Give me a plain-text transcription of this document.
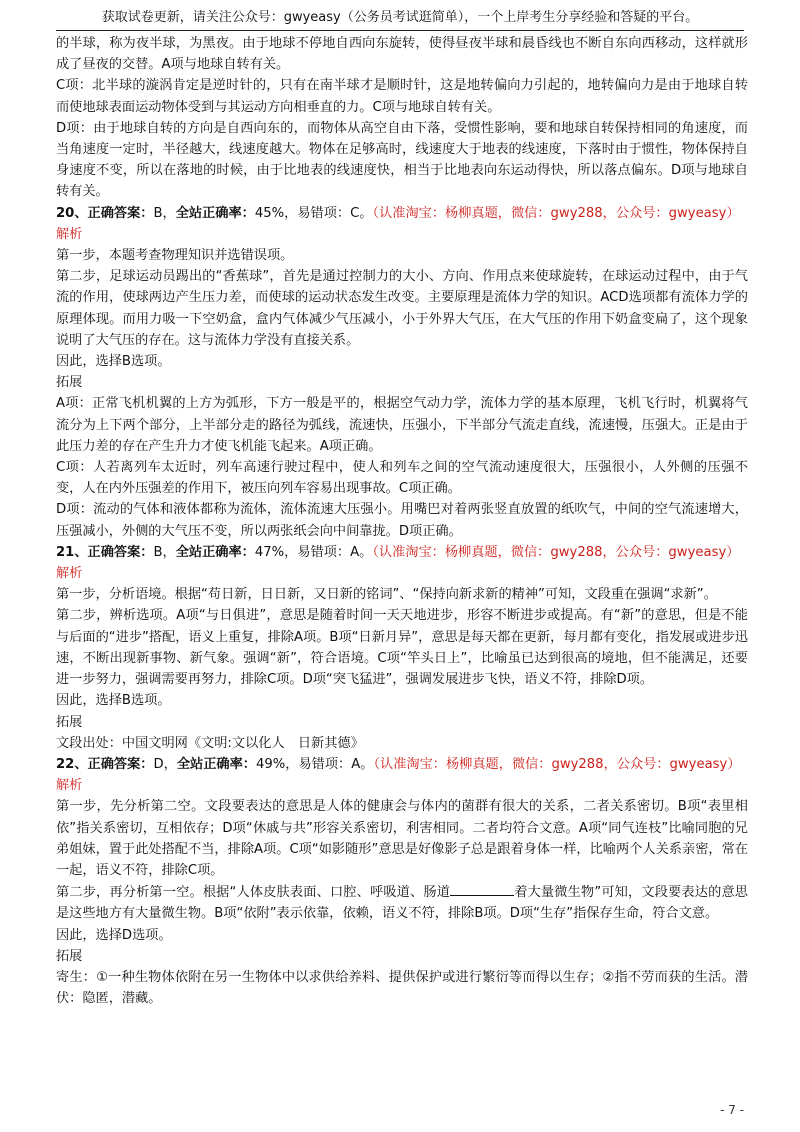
获取试卷更新，请关注公众号：gwyeasy（公务员考试逛简单），一个上岸考生分享经验和答疑的平台。

的半球，称为夜半球，为黑夜。由于地球不停地自西向东旋转，使得昼夜半球和晨昏线也不断自东向西移动，这样就形成了昼夜的交替。A项与地球自转有关。

C项：北半球的漩涡肯定是逆时针的，只有在南半球才是顺时针，这是地转偏向力引起的，地转偏向力是由于地球自转而使地球表面运动物体受到与其运动方向相垂直的力。C项与地球自转有关。

D项：由于地球自转的方向是自西向东的，而物体从高空自由下落，受惯性影响，要和地球自转保持相同的角速度，而当角速度一定时，半径越大，线速度越大。物体在足够高时，线速度大于地表的线速度，下落时由于惯性，物体保持自身速度不变，所以在落地的时候，由于比地表的线速度快，相当于比地表向东运动得快，所以落点偏东。D项与地球自转有关。

20、正确答案：B，全站正确率：45%，易错项：C。（认准淘宝：杨柳真题，微信：gwy288，公众号：gwyeasy）

解析

第一步，本题考查物理知识并选错误项。

第二步，足球运动员踢出的“香蕉球”，首先是通过控制力的大小、方向、作用点来使球旋转，在球运动过程中，由于气流的作用，使球两边产生压力差，而使球的运动状态发生改变。主要原理是流体力学的知识。ACD选项都有流体力学的原理体现。而用力吸一下空奶盒，盒内气体减少气压减小，小于外界大气压，在大气压的作用下奶盒变扁了，这个现象说明了大气压的存在。这与流体力学没有直接关系。

因此，选择B选项。

拓展

A项：正常飞机机翼的上方为弧形，下方一般是平的，根据空气动力学，流体力学的基本原理，飞机飞行时，机翼将气流分为上下两个部分，上半部分走的路径为弧线，流速快，压强小，下半部分气流走直线，流速慢，压强大。正是由于此压力差的存在产生升力才使飞机能飞起来。A项正确。

C项：人若离列车太近时，列车高速行驶过程中，使人和列车之间的空气流动速度很大，压强很小，人外侧的压强不变，人在内外压强差的作用下，被压向列车容易出现事故。C项正确。

D项：流动的气体和液体都称为流体，流体流速大压强小。用嘴巴对着两张竖直放置的纸吹气，中间的空气流速增大，压强减小，外侧的大气压不变，所以两张纸会向中间靠拢。D项正确。

21、正确答案：B，全站正确率：47%，易错项：A。（认准淘宝：杨柳真题，微信：gwy288，公众号：gwyeasy）

解析

第一步，分析语境。根据“苟日新，日日新，又日新的铭词”、“保持向新求新的精神”可知，文段重在强调“求新”。

第二步，辨析选项。A项“与日俱进”，意思是随着时间一天天地进步，形容不断进步或提高。有“新”的意思，但是不能与后面的“进步”搭配，语义上重复，排除A项。B项“日新月异”，意思是每天都在更新，每月都有变化，指发展或进步迅速，不断出现新事物、新气象。强调“新”，符合语境。C项“竿头日上”，比喻虽已达到很高的境地，但不能满足，还要进一步努力，强调需要再努力，排除C项。D项“突飞猛进”，强调发展进步飞快，语义不符，排除D项。

因此，选择B选项。

拓展

文段出处：中国文明网《文明:文以化人　日新其德》

22、正确答案：D，全站正确率：49%，易错项：A。（认准淘宝：杨柳真题，微信：gwy288，公众号：gwyeasy）

解析

第一步，先分析第二空。文段要表达的意思是人体的健康会与体内的菌群有很大的关系，二者关系密切。B项“表里相依”指关系密切，互相依存；D项“休戚与共”形容关系密切，利害相同。二者均符合文意。A项“同气连枝”比喻同胞的兄弟姐妹，置于此处搭配不当，排除A项。C项“如影随形”意思是好像影子总是跟着身体一样，比喻两个人关系亲密，常在一起，语义不符，排除C项。

第二步，再分析第一空。根据“人体皮肤表面、口腔、呼吸道、肠道	着大量微生物”可知，文段要表达的意思是这些地方有大量微生物。B项“依附”表示依靠，依赖，语义不符，排除B项。D项“生存”指保存生命，符合文意。

因此，选择D选项。

拓展

寄生：①一种生物体依附在另一生物体中以求供给养料、提供保护或进行繁衍等而得以生存；②指不劳而获的生活。潜伏：隐匿，潜藏。

- 7 -
